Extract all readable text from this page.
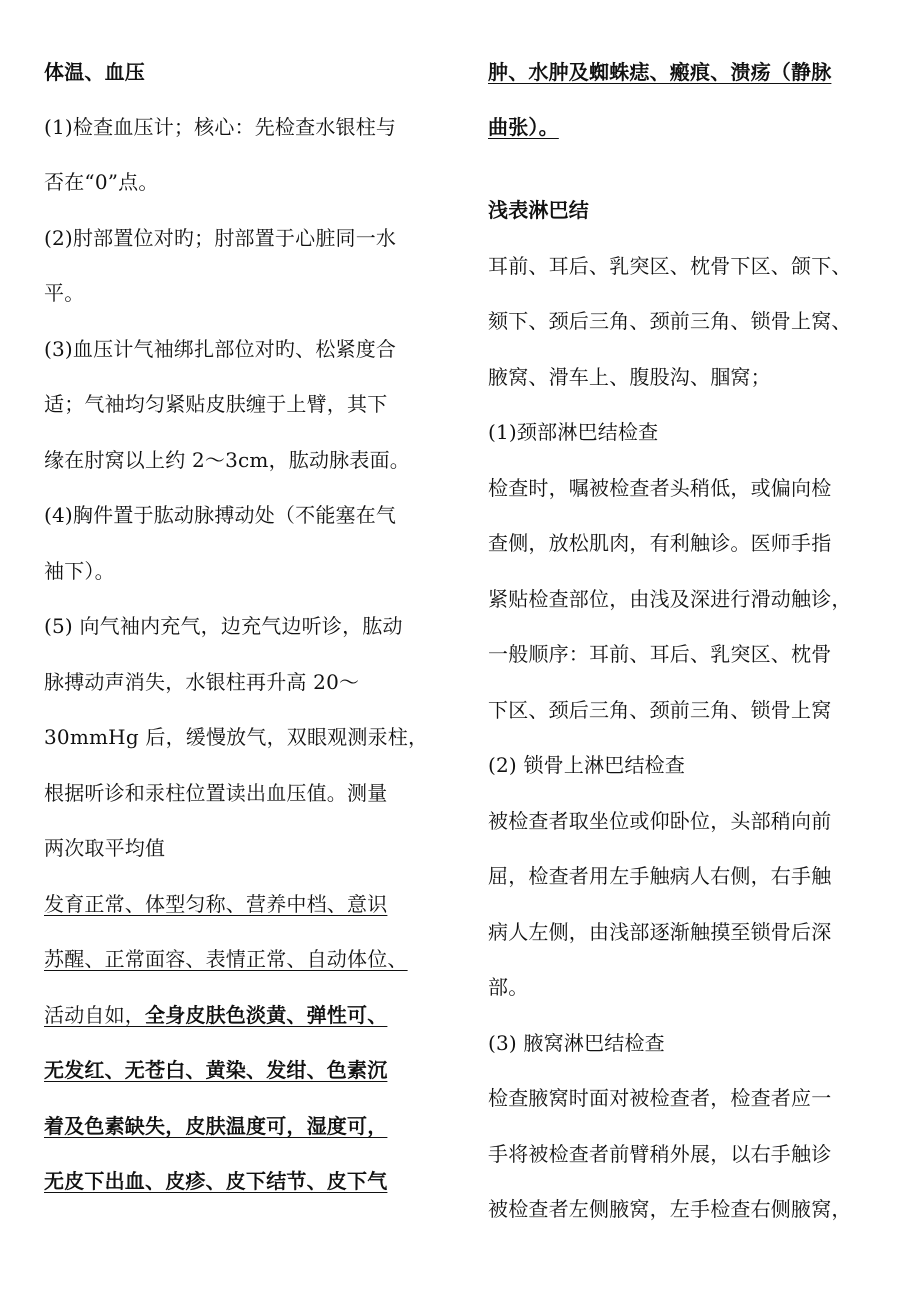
体温、血压
(1)检查血压计；核心：先检查水银柱与
否在“0”点。
(2)肘部置位对旳；肘部置于心脏同一水
平。
(3)血压计气袖绑扎部位对旳、松紧度合
适；气袖均匀紧贴皮肤缠于上臂，其下
缘在肘窝以上约 2～3cm，肱动脉表面。
(4)胸件置于肱动脉搏动处（不能塞在气
袖下）。
(5) 向气袖内充气，边充气边听诊，肱动
脉搏动声消失，水银柱再升高 20～
30mmHg 后，缓慢放气，双眼观测汞柱，
根据听诊和汞柱位置读出血压值。测量
两次取平均值
发育正常、体型匀称、营养中档、意识
苏醒、正常面容、表情正常、自动体位、
活动自如，全身皮肤色淡黄、弹性可、
无发红、无苍白、黄染、发绀、色素沉
着及色素缺失，皮肤温度可，湿度可，
无皮下出血、皮疹、皮下结节、皮下气
肿、水肿及蜘蛛痣、瘢痕、溃疡（静脉
曲张）。
浅表淋巴结
耳前、耳后、乳突区、枕骨下区、颌下、
颏下、颈后三角、颈前三角、锁骨上窝、
腋窝、滑车上、腹股沟、腘窝；
(1)颈部淋巴结检查
检查时，嘱被检查者头稍低，或偏向检
查侧，放松肌肉，有利触诊。医师手指
紧贴检查部位，由浅及深进行滑动触诊，
一般顺序：耳前、耳后、乳突区、枕骨
下区、颈后三角、颈前三角、锁骨上窝
(2) 锁骨上淋巴结检查
被检查者取坐位或仰卧位，头部稍向前
屈，检查者用左手触病人右侧，右手触
病人左侧，由浅部逐渐触摸至锁骨后深
部。
(3) 腋窝淋巴结检查
检查腋窝时面对被检查者，检查者应一
手将被检查者前臂稍外展，以右手触诊
被检查者左侧腋窝，左手检查右侧腋窝，
